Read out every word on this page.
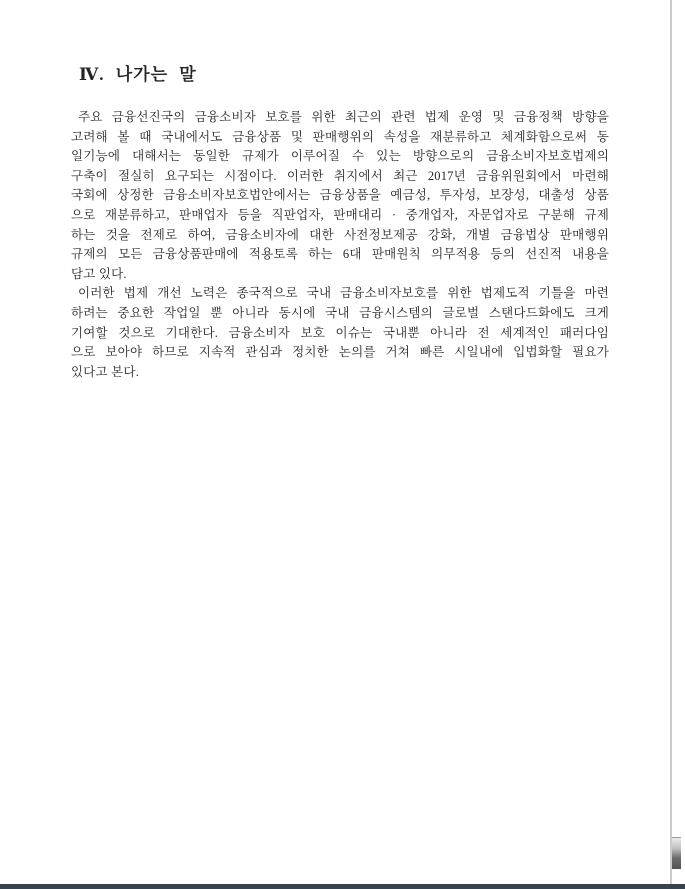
Ⅳ. 나가는 말
주요 금융선진국의 금융소비자 보호를 위한 최근의 관련 법제 운영 및 금융정책 방향을
고려해 볼 때 국내에서도 금융상품 및 판매행위의 속성을 재분류하고 체계화함으로써 동
일기능에 대해서는 동일한 규제가 이루어질 수 있는 방향으로의 금융소비자보호법제의
구축이 절실히 요구되는 시점이다. 이러한 취지에서 최근 2017년 금융위원회에서 마련해
국회에 상정한 금융소비자보호법안에서는 금융상품을 예금성, 투자성, 보장성, 대출성 상품
으로 재분류하고, 판매업자 등을 직판업자, 판매대리 · 중개업자, 자문업자로 구분해 규제
하는 것을 전제로 하여, 금융소비자에 대한 사전정보제공 강화, 개별 금융법상 판매행위
규제의 모든 금융상품판매에 적용토록 하는 6대 판매원칙 의무적용 등의 선진적 내용을
담고 있다.
이러한 법제 개선 노력은 종국적으로 국내 금융소비자보호를 위한 법제도적 기틀을 마련
하려는 중요한 작업일 뿐 아니라 동시에 국내 금융시스템의 글로벌 스탠다드화에도 크게
기여할 것으로 기대한다. 금융소비자 보호 이슈는 국내뿐 아니라 전 세계적인 패러다임
으로 보아야 하므로 지속적 관심과 정치한 논의를 거쳐 빠른 시일내에 입법화할 필요가
있다고 본다.
